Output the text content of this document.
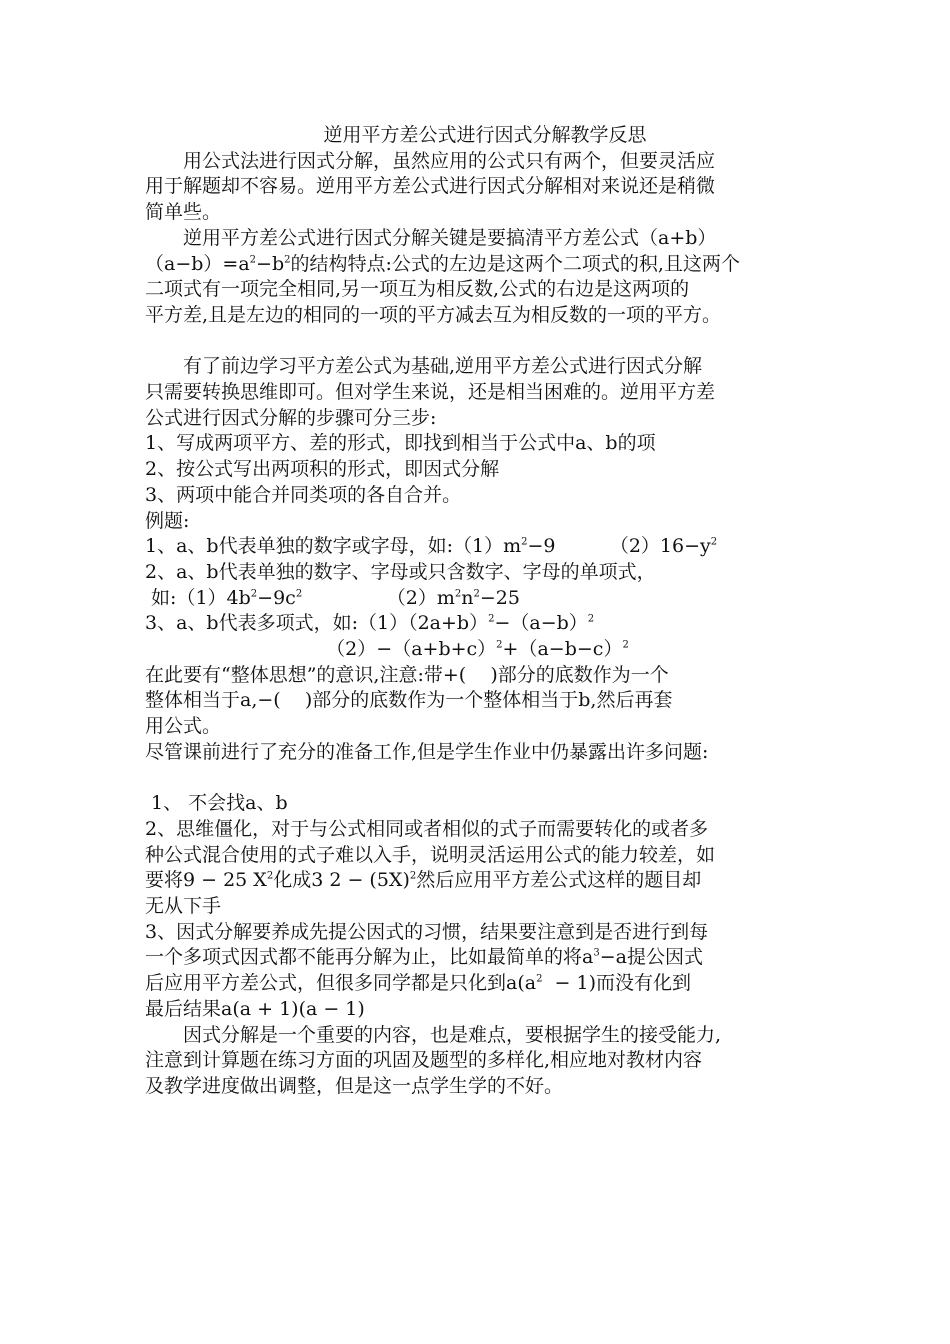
逆用平方差公式进行因式分解教学反思
　　用公式法进行因式分解，虽然应用的公式只有两个，但要灵活应
用于解题却不容易。逆用平方差公式进行因式分解相对来说还是稍微
简单些。
　　逆用平方差公式进行因式分解关键是要搞清平方差公式（a+b）
$(a-b)=a^2-b^2$的结构特点:公式的左边是这两个二项式的积,且这两个
二项式有一项完全相同,另一项互为相反数,公式的右边是这两项的
平方差,且是左边的相同的一项的平方减去互为相反数的一项的平方。
　　有了前边学习平方差公式为基础,逆用平方差公式进行因式分解
只需要转换思维即可。但对学生来说，还是相当困难的。逆用平方差
公式进行因式分解的步骤可分三步:
1、写成两项平方、差的形式，即找到相当于公式中a、b的项
2、按公式写出两项积的形式，即因式分解
3、两项中能合并同类项的各自合并。
例题:
1、a、b代表单独的数字或字母，如$:(1)m^2-9$         $(2)16-y^2$
2、a、b代表单独的数字、字母或只含数字、字母的单项式，
如$:(1)4b^2-9c^2$              $(2)m^2n^2-25$
3、a、b代表多项式，如$:(1)(2a+b)^2-(a-b)^2$
$(2)-(a+b+c)^2+(a-b-c)^2$
在此要有“整体思想”的意识,注意:带+(    )部分的底数作为一个
整体相当于a,−(    )部分的底数作为一个整体相当于b,然后再套
用公式。
尽管课前进行了充分的准备工作,但是学生作业中仍暴露出许多问题:
1、 不会找a、b
2、思维僵化，对于与公式相同或者相似的式子而需要转化的或者多
种公式混合使用的式子难以入手，说明灵活运用公式的能力较差，如
要将9 − 25 $X^2$化成3 $2 - (5X)^2$然后应用平方差公式这样的题目却
无从下手
3、因式分解要养成先提公因式的习惯，结果要注意到是否进行到每
一个多项式因式都不能再分解为止，比如最简单的将$a^3-a$提公因式
后应用平方差公式，但很多同学都是只化到$a(a^2 - 1)$而没有化到
最后结果a(a + 1)(a − 1)
　　因式分解是一个重要的内容，也是难点，要根据学生的接受能力,
注意到计算题在练习方面的巩固及题型的多样化,相应地对教材内容
及教学进度做出调整，但是这一点学生学的不好。
